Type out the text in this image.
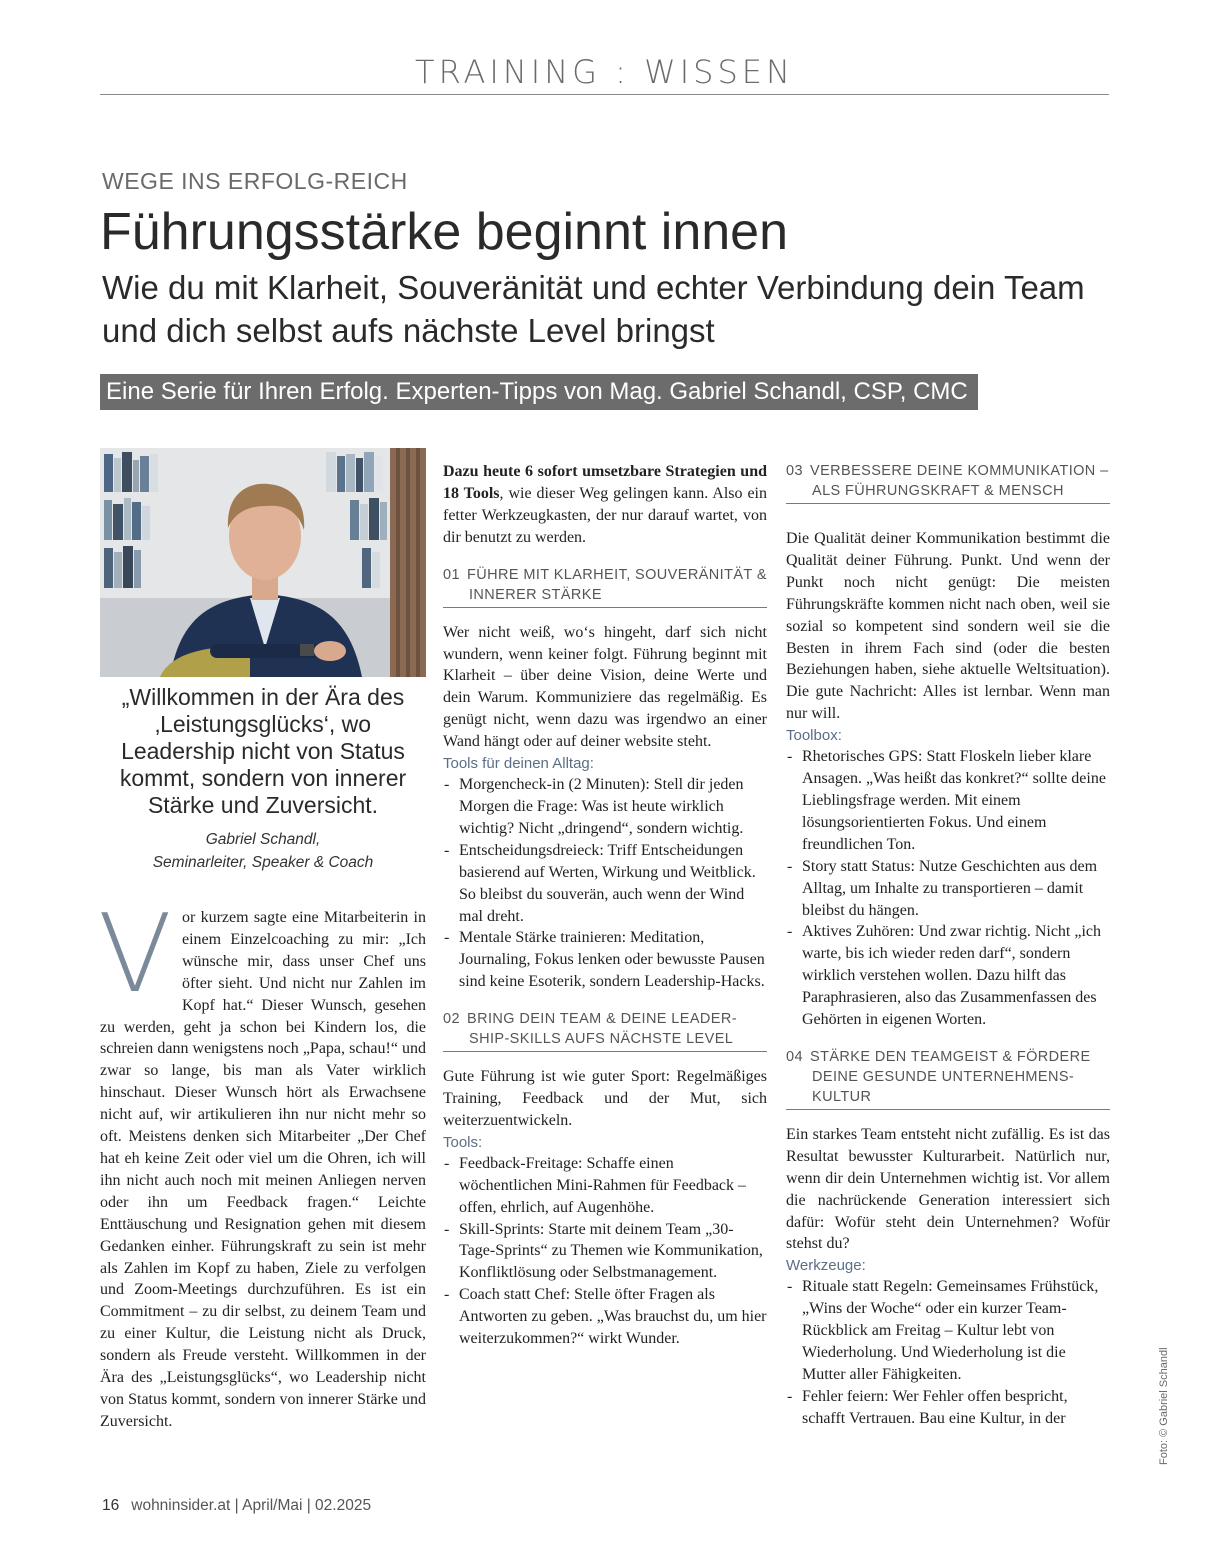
TRAINING : WISSEN
WEGE INS ERFOLG-REICH
Führungsstärke beginnt innen
Wie du mit Klarheit, Souveränität und echter Verbindung dein Team und dich selbst aufs nächste Level bringst
Eine Serie für Ihren Erfolg. Experten-Tipps von Mag. Gabriel Schandl, CSP, CMC
„Willkommen in der Ära des ‚Leistungsglücks‘, wo Leadership nicht von Status kommt, sondern von innerer Stärke und Zuversicht.
Gabriel Schandl,
Seminarleiter, Speaker & Coach

Vor kurzem sagte eine Mitarbeiterin in einem Einzelcoaching zu mir: „Ich wünsche mir, dass unser Chef uns öfter sieht. Und nicht nur Zahlen im Kopf hat.“ Dieser Wunsch, gesehen zu werden, geht ja schon bei Kindern los, die schreien dann wenigstens noch „Papa, schau!“ und zwar so lange, bis man als Vater wirklich hinschaut. Dieser Wunsch hört als Erwachsene nicht auf, wir artikulieren ihn nur nicht mehr so oft. Meistens denken sich Mitarbeiter „Der Chef hat eh keine Zeit oder viel um die Ohren, ich will ihn nicht auch noch mit meinen Anliegen nerven oder ihn um Feedback fragen.“ Leichte Enttäuschung und Resignation gehen mit diesem Gedanken einher. Führungskraft zu sein ist mehr als Zahlen im Kopf zu haben, Ziele zu verfolgen und Zoom-Meetings durchzuführen. Es ist ein Commitment – zu dir selbst, zu deinem Team und zu einer Kultur, die Leistung nicht als Druck, sondern als Freude versteht. Willkommen in der Ära des „Leistungsglücks“, wo Leadership nicht von Status kommt, sondern von innerer Stärke und Zuversicht.

Dazu heute 6 sofort umsetzbare Strategien und 18 Tools, wie dieser Weg gelingen kann. Also ein fetter Werkzeugkasten, der nur darauf wartet, von dir benutzt zu werden.

01 FÜHRE MIT KLARHEIT, SOUVERÄNITÄT &
INNERER STÄRKE

Wer nicht weiß, wo‘s hingeht, darf sich nicht wundern, wenn keiner folgt. Führung beginnt mit Klarheit – über deine Vision, deine Werte und dein Warum. Kommuniziere das regelmäßig. Es genügt nicht, wenn dazu was irgendwo an einer Wand hängt oder auf deiner website steht.

Tools für deinen Alltag:
- Morgencheck-in (2 Minuten): Stell dir jeden Morgen die Frage: Was ist heute wirklich wichtig? Nicht „dringend“, sondern wichtig.
- Entscheidungsdreieck: Triff Entscheidungen basierend auf Werten, Wirkung und Weitblick. So bleibst du souverän, auch wenn der Wind mal dreht.
- Mentale Stärke trainieren: Meditation, Journaling, Fokus lenken oder bewusste Pausen sind keine Esoterik, sondern Leadership-Hacks.
02 BRING DEIN TEAM & DEINE LEADER-
SHIP-SKILLS AUFS NÄCHSTE LEVEL

Gute Führung ist wie guter Sport: Regelmäßiges Training, Feedback und der Mut, sich weiterzuentwickeln.

Tools:
- Feedback-Freitage: Schaffe einen wöchentlichen Mini-Rahmen für Feedback – offen, ehrlich, auf Augenhöhe.
- Skill-Sprints: Starte mit deinem Team „30-Tage-Sprints“ zu Themen wie Kommunikation, Konfliktlösung oder Selbstmanagement.
- Coach statt Chef: Stelle öfter Fragen als Antworten zu geben. „Was brauchst du, um hier weiterzukommen?“ wirkt Wunder.
03 VERBESSERE DEINE KOMMUNIKATION –
ALS FÜHRUNGSKRAFT & MENSCH

Die Qualität deiner Kommunikation bestimmt die Qualität deiner Führung. Punkt. Und wenn der Punkt noch nicht genügt: Die meisten Führungskräfte kommen nicht nach oben, weil sie sozial so kompetent sind sondern weil sie die Besten in ihrem Fach sind (oder die besten Beziehungen haben, siehe aktuelle Weltsituation). Die gute Nachricht: Alles ist lernbar. Wenn man nur will.

Toolbox:
- Rhetorisches GPS: Statt Floskeln lieber klare Ansagen. „Was heißt das konkret?“ sollte deine Lieblingsfrage werden. Mit einem lösungsorientierten Fokus. Und einem freundlichen Ton.
- Story statt Status: Nutze Geschichten aus dem Alltag, um Inhalte zu transportieren – damit bleibst du hängen.
- Aktives Zuhören: Und zwar richtig. Nicht „ich warte, bis ich wieder reden darf“, sondern wirklich verstehen wollen. Dazu hilft das Paraphrasieren, also das Zusammenfassen des Gehörten in eigenen Worten.
04 STÄRKE DEN TEAMGEIST & FÖRDERE
DEINE GESUNDE UNTERNEHMENS-
KULTUR

Ein starkes Team entsteht nicht zufällig. Es ist das Resultat bewusster Kulturarbeit. Natürlich nur, wenn dir dein Unternehmen wichtig ist. Vor allem die nachrückende Generation interessiert sich dafür: Wofür steht dein Unternehmen? Wofür stehst du?

Werkzeuge:
- Rituale statt Regeln: Gemeinsames Frühstück, „Wins der Woche“ oder ein kurzer Team-Rückblick am Freitag – Kultur lebt von Wiederholung. Und Wiederholung ist die Mutter aller Fähigkeiten.
- Fehler feiern: Wer Fehler offen bespricht, schafft Vertrauen. Bau eine Kultur, in der	Foto: © Gabriel Schandl
16 wohninsider.at | April/Mai | 02.2025
